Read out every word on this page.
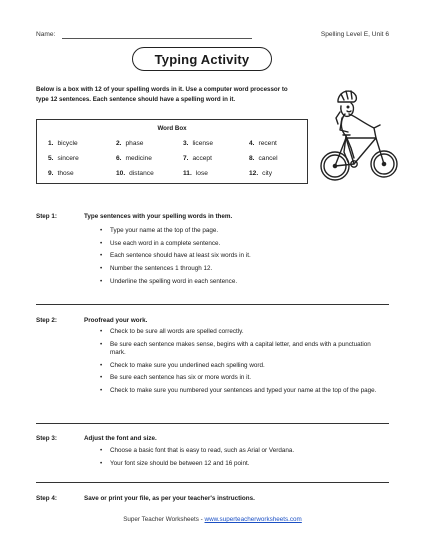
Name:	Spelling Level E, Unit 6
Typing Activity
Below is a box with 12 of your spelling words in it. Use a computer word processor to type 12 sentences. Each sentence should have a spelling word in it.
Word Box
1. bicycle	2. phase	3. license	4. recent
5. sincere	6. medicine	7. accept	8. cancel
9. those	10. distance	11. lose	12. city
Step 1:	Type sentences with your spelling words in them.
• Type your name at the top of the page.
• Use each word in a complete sentence.
• Each sentence should have at least six words in it.
• Number the sentences 1 through 12.
• Underline the spelling word in each sentence.
Step 2:	Proofread your work.
• Check to be sure all words are spelled correctly.
• Be sure each sentence makes sense, begins with a capital letter, and ends with a punctuation mark.
• Check to make sure you underlined each spelling word.
• Be sure each sentence has six or more words in it.
• Check to make sure you numbered your sentences and typed your name at the top of the page.
Step 3:	Adjust the font and size.
• Choose a basic font that is easy to read, such as Arial or Verdana.
• Your font size should be between 12 and 16 point.
Step 4:	Save or print your file, as per your teacher's instructions.
Super Teacher Worksheets - www.superteacherworksheets.com
